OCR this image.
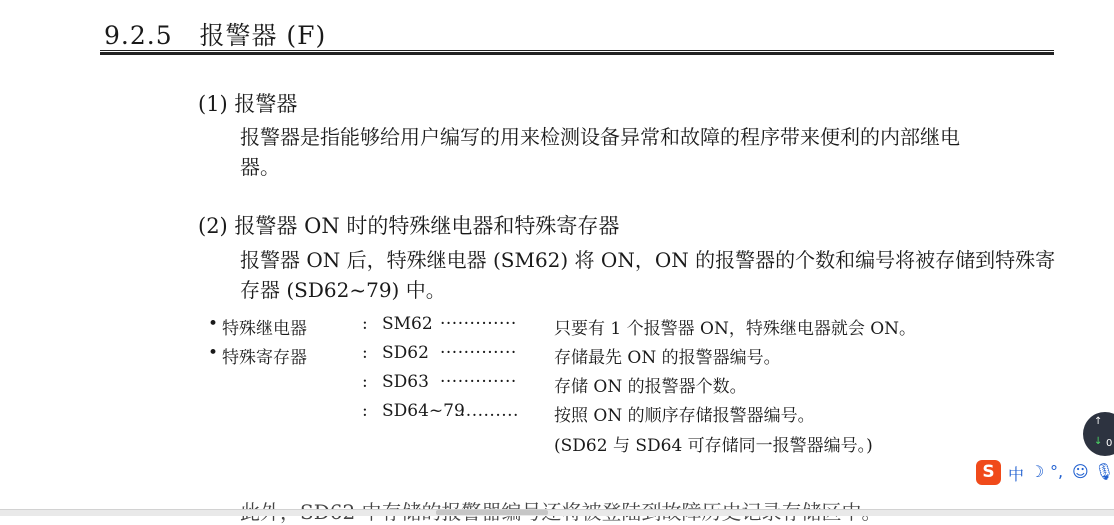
9.2.5 报警器 (F)
(1) 报警器
报警器是指能够给用户编写的用来检测设备异常和故障的程序带来便利的内部继电
器。
(2) 报警器 ON 时的特殊继电器和特殊寄存器
报警器 ON 后，特殊继电器 (SM62) 将 ON，ON 的报警器的个数和编号将被存储到特殊寄
存器 (SD62~79) 中。
• 特殊继电器	: SM62 ············· 只要有 1 个报警器 ON，特殊继电器就会 ON。
• 特殊寄存器	: SD62 ············· 存储最先 ON 的报警器编号。
: SD63 ············· 存储 ON 的报警器个数。
: SD64~79
........... 按照 ON 的顺序存储报警器编号。
(SD62 与 SD64 可存储同一报警器编号。)
↑
↓ 0
S 中 ☽ °, ☺ 🎙
